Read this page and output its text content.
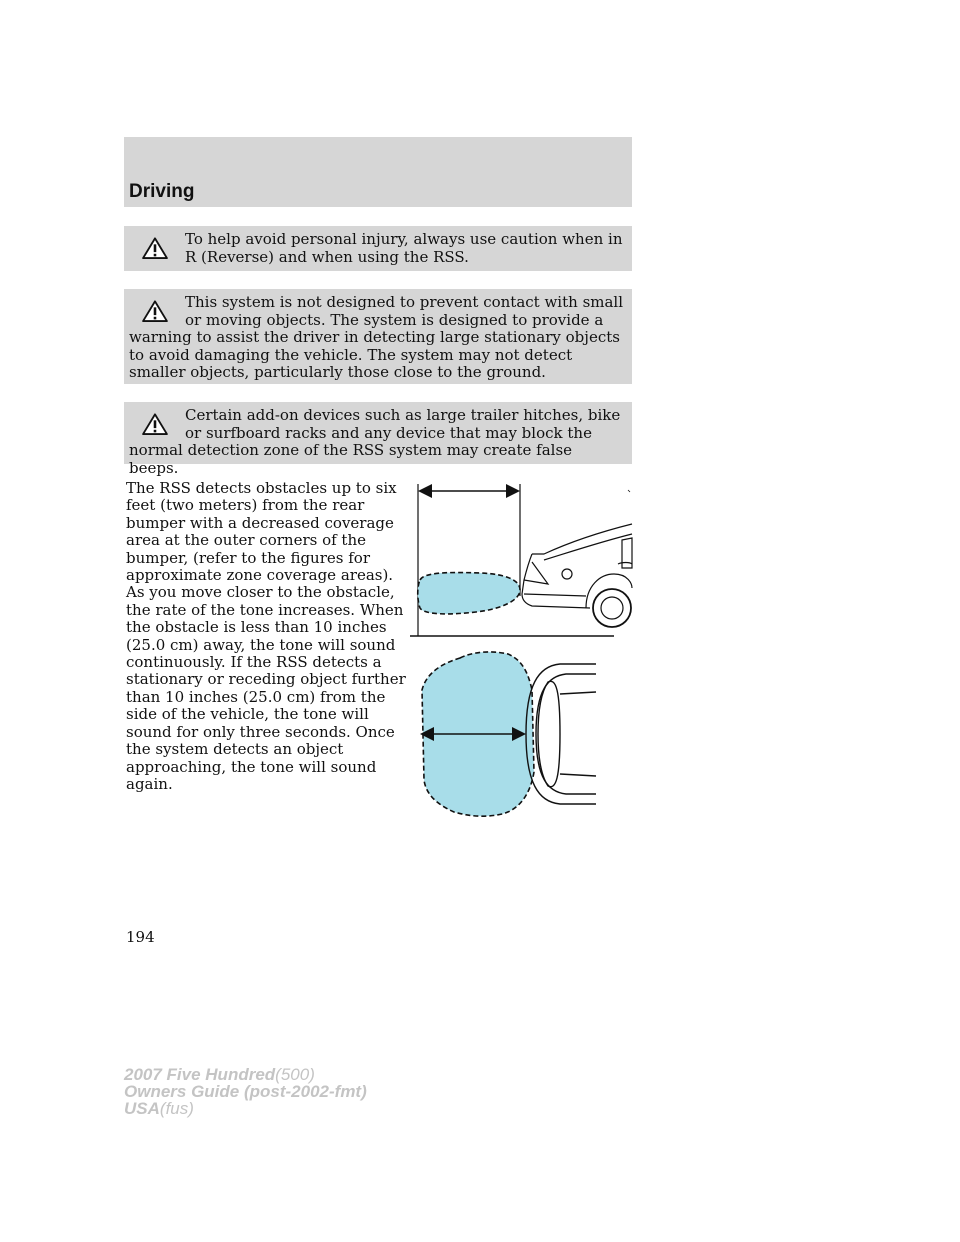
Driving
To help avoid personal injury, always use caution when in R (Reverse) and when using the RSS.
This system is not designed to prevent contact with small or moving objects. The system is designed to provide a warning to assist the driver in detecting large stationary objects to avoid damaging the vehicle. The system may not detect smaller objects, particularly those close to the ground.
Certain add-on devices such as large trailer hitches, bike or surfboard racks and any device that may block the normal detection zone of the RSS system may create false beeps.
The RSS detects obstacles up to six feet (two meters) from the rear bumper with a decreased coverage area at the outer corners of the bumper, (refer to the figures for approximate zone coverage areas). As you move closer to the obstacle, the rate of the tone increases. When the obstacle is less than 10 inches (25.0 cm) away, the tone will sound continuously. If the RSS detects a stationary or receding object further than 10 inches (25.0 cm) from the side of the vehicle, the tone will sound for only three seconds. Once the system detects an object approaching, the tone will sound again.
194
2007 Five Hundred(500)
Owners Guide (post-2002-fmt)
USA(fus)
